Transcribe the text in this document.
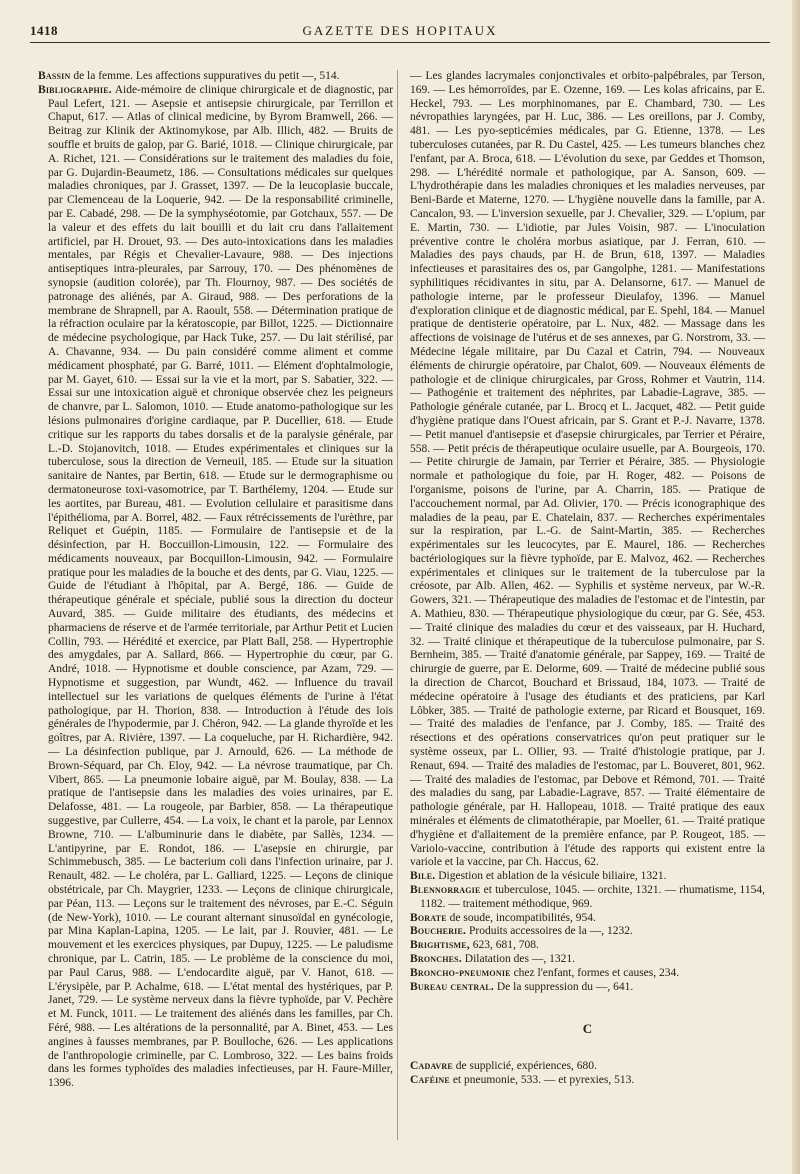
1418	GAZETTE DES HOPITAUX

Bassin de la femme. Les affections suppuratives du petit —, 514.

Bibliographie. Aide-mémoire de clinique chirurgicale et de diagnostic, par Paul Lefert, 121. — Asepsie et antisepsie chirurgicale, par Terrillon et Chaput, 617. — Atlas of clinical medicine, by Byrom Bramwell, 266. — Beitrag zur Klinik der Aktinomykose, par Alb. Illich, 482. — Bruits de souffle et bruits de galop, par G. Barié, 1018. — Clinique chirurgicale, par A. Richet, 121. — Considérations sur le traitement des maladies du foie, par G. Dujardin-Beaumetz, 186. — Consultations médicales sur quelques maladies chroniques, par J. Grasset, 1397. — De la leucoplasie buccale, par Clemenceau de la Loquerie, 942. — De la responsabilité criminelle, par E. Cabadé, 298. — De la symphyséotomie, par Gotchaux, 557. — De la valeur et des effets du lait bouilli et du lait cru dans l'allaitement artificiel, par H. Drouet, 93. — Des auto-intoxications dans les maladies mentales, par Régis et Chevalier-Lavaure, 988. — Des injections antiseptiques intra-pleurales, par Sarrouy, 170. — Des phénomènes de synopsie (audition colorée), par Th. Flournoy, 987. — Des sociétés de patronage des aliénés, par A. Giraud, 988. — Des perforations de la membrane de Shrapnell, par A. Raoult, 558. — Détermination pratique de la réfraction oculaire par la kératoscopie, par Billot, 1225. — Dictionnaire de médecine psychologique, par Hack Tuke, 257. — Du lait stérilisé, par A. Chavanne, 934. — Du pain considéré comme aliment et comme médicament phosphaté, par G. Barré, 1011. — Elément d'ophtalmologie, par M. Gayet, 610. — Essai sur la vie et la mort, par S. Sabatier, 322. — Essai sur une intoxication aiguë et chronique observée chez les peigneurs de chanvre, par L. Salomon, 1010. — Etude anatomo-pathologique sur les lésions pulmonaires d'origine cardiaque, par P. Ducellier, 618. — Etude critique sur les rapports du tabes dorsalis et de la paralysie générale, par L.-D. Stojanovitch, 1018. — Etudes expérimentales et cliniques sur la tuberculose, sous la direction de Verneuil, 185. — Etude sur la situation sanitaire de Nantes, par Bertin, 618. — Etude sur le dermographisme ou dermatoneurose toxi-vasomotrice, par T. Barthélemy, 1204. — Etude sur les aortites, par Bureau, 481. — Evolution cellulaire et parasitisme dans l'épithélioma, par A. Borrel, 482. — Faux rétrécissements de l'urèthre, par Reliquet et Guépin, 1185. — Formulaire de l'antisepsie et de la désinfection, par H. Boccuillon-Limousin, 122. — Formulaire des médicaments nouveaux, par Bocquillon-Limousin, 942. — Formulaire pratique pour les maladies de la bouche et des dents, par G. Viau, 1225. — Guide de l'étudiant à l'hôpital, par A. Bergé, 186. — Guide de thérapeutique générale et spéciale, publié sous la direction du docteur Auvard, 385. — Guide militaire des étudiants, des médecins et pharmaciens de réserve et de l'armée territoriale, par Arthur Petit et Lucien Collin, 793. — Hérédité et exercice, par Platt Ball, 258. — Hypertrophie des amygdales, par A. Sallard, 866. — Hypertrophie du cœur, par G. André, 1018. — Hypnotisme et double conscience, par Azam, 729. — Hypnotisme et suggestion, par Wundt, 462. — Influence du travail intellectuel sur les variations de quelques éléments de l'urine à l'état pathologique, par H. Thorion, 838. — Introduction à l'étude des lois générales de l'hypodermie, par J. Chéron, 942. — La glande thyroïde et les goîtres, par A. Rivière, 1397. — La coqueluche, par H. Richardière, 942. — La désinfection publique, par J. Arnould, 626. — La méthode de Brown-Séquard, par Ch. Eloy, 942. — La névrose traumatique, par Ch. Vibert, 865. — La pneumonie lobaire aiguë, par M. Boulay, 838. — La pratique de l'antisepsie dans les maladies des voies urinaires, par E. Delafosse, 481. — La rougeole, par Barbier, 858. — La thérapeutique suggestive, par Cullerre, 454. — La voix, le chant et la parole, par Lennox Browne, 710. — L'albuminurie dans le diabète, par Sallès, 1234. — L'antipyrine, par E. Rondot, 186. — L'asepsie en chirurgie, par Schimmebusch, 385. — Le bacterium coli dans l'infection urinaire, par J. Renault, 482. — Le choléra, par L. Galliard, 1225. — Leçons de clinique obstétricale, par Ch. Maygrier, 1233. — Leçons de clinique chirurgicale, par Péan, 113. — Leçons sur le traitement des névroses, par E.-C. Séguin (de New-York), 1010. — Le courant alternant sinusoïdal en gynécologie, par Mina Kaplan-Lapina, 1205. — Le lait, par J. Rouvier, 481. — Le mouvement et les exercices physiques, par Dupuy, 1225. — Le paludisme chronique, par L. Catrin, 185. — Le problème de la conscience du moi, par Paul Carus, 988. — L'endocardite aiguë, par V. Hanot, 618. — L'érysipèle, par P. Achalme, 618. — L'état mental des hystériques, par P. Janet, 729. — Le système nerveux dans la fièvre typhoïde, par V. Pechère et M. Funck, 1011. — Le traitement des aliénés dans les familles, par Ch. Féré, 988. — Les altérations de la personnalité, par A. Binet, 453. — Les angines à fausses membranes, par P. Boulloche, 626. — Les applications de l'anthropologie criminelle, par C. Lombroso, 322. — Les bains froids dans les formes typhoïdes des maladies infectieuses, par H. Faure-Miller, 1396.

— Les glandes lacrymales conjonctivales et orbito-palpébrales, par Terson, 169. — Les hémorroïdes, par E. Ozenne, 169. — Les kolas africains, par E. Heckel, 793. — Les morphinomanes, par E. Chambard, 730. — Les névropathies laryngées, par H. Luc, 386. — Les oreillons, par J. Comby, 481. — Les pyo-septicémies médicales, par G. Etienne, 1378. — Les tuberculoses cutanées, par R. Du Castel, 425. — Les tumeurs blanches chez l'enfant, par A. Broca, 618. — L'évolution du sexe, par Geddes et Thomson, 298. — L'hérédité normale et pathologique, par A. Sanson, 609. — L'hydrothérapie dans les maladies chroniques et les maladies nerveuses, par Beni-Barde et Materne, 1270. — L'hygiène nouvelle dans la famille, par A. Cancalon, 93. — L'inversion sexuelle, par J. Chevalier, 329. — L'opium, par E. Martin, 730. — L'idiotie, par Jules Voisin, 987. — L'inoculation préventive contre le choléra morbus asiatique, par J. Ferran, 610. — Maladies des pays chauds, par H. de Brun, 618, 1397. — Maladies infectieuses et parasitaires des os, par Gangolphe, 1281. — Manifestations syphilitiques récidivantes in situ, par A. Delansorne, 617. — Manuel de pathologie interne, par le professeur Dieulafoy, 1396. — Manuel d'exploration clinique et de diagnostic médical, par E. Spehl, 184. — Manuel pratique de dentisterie opératoire, par L. Nux, 482. — Massage dans les affections de voisinage de l'utérus et de ses annexes, par G. Norstrom, 33. — Médecine légale militaire, par Du Cazal et Catrin, 794. — Nouveaux éléments de chirurgie opératoire, par Chalot, 609. — Nouveaux éléments de pathologie et de clinique chirurgicales, par Gross, Rohmer et Vautrin, 114. — Pathogénie et traitement des néphrites, par Labadie-Lagrave, 385. — Pathologie générale cutanée, par L. Brocq et L. Jacquet, 482. — Petit guide d'hygiène pratique dans l'Ouest africain, par S. Grant et P.-J. Navarre, 1378. — Petit manuel d'antisepsie et d'asepsie chirurgicales, par Terrier et Péraire, 558. — Petit précis de thérapeutique oculaire usuelle, par A. Bourgeois, 170. — Petite chirurgie de Jamain, par Terrier et Péraire, 385. — Physiologie normale et pathologique du foie, par H. Roger, 482. — Poisons de l'organisme, poisons de l'urine, par A. Charrin, 185. — Pratique de l'accouchement normal, par Ad. Olivier, 170. — Précis iconographique des maladies de la peau, par E. Chatelain, 837. — Recherches expérimentales sur la respiration, par L.-G. de Saint-Martin, 385. — Recherches expérimentales sur les leucocytes, par E. Maurel, 186. — Recherches bactériologiques sur la fièvre typhoïde, par E. Malvoz, 462. — Recherches expérimentales et cliniques sur le traitement de la tuberculose par la créosote, par Alb. Allen, 462. — Syphilis et système nerveux, par W.-R. Gowers, 321. — Thérapeutique des maladies de l'estomac et de l'intestin, par A. Mathieu, 830. — Thérapeutique physiologique du cœur, par G. Sée, 453. — Traité clinique des maladies du cœur et des vaisseaux, par H. Huchard, 32. — Traité clinique et thérapeutique de la tuberculose pulmonaire, par S. Bernheim, 385. — Traité d'anatomie générale, par Sappey, 169. — Traité de chirurgie de guerre, par E. Delorme, 609. — Traité de médecine publié sous la direction de Charcot, Bouchard et Brissaud, 184, 1073. — Traité de médecine opératoire à l'usage des étudiants et des praticiens, par Karl Lôbker, 385. — Traité de pathologie externe, par Ricard et Bousquet, 169. — Traité des maladies de l'enfance, par J. Comby, 185. — Traité des résections et des opérations conservatrices qu'on peut pratiquer sur le système osseux, par L. Ollier, 93. — Traité d'histologie pratique, par J. Renaut, 694. — Traité des maladies de l'estomac, par L. Bouveret, 801, 962. — Traité des maladies de l'estomac, par Debove et Rémond, 701. — Traité des maladies du sang, par Labadie-Lagrave, 857. — Traité élémentaire de pathologie générale, par H. Hallopeau, 1018. — Traité pratique des eaux minérales et éléments de climatothérapie, par Moeller, 61. — Traité pratique d'hygiène et d'allaitement de la première enfance, par P. Rougeot, 185. — Variolo-vaccine, contribution à l'étude des rapports qui existent entre la variole et la vaccine, par Ch. Haccus, 62.

Bile. Digestion et ablation de la vésicule biliaire, 1321.

Blennorragie et tuberculose, 1045. — orchite, 1321. — rhumatisme, 1154, 1182. — traitement méthodique, 969.

Borate de soude, incompatibilités, 954.

Boucherie. Produits accessoires de la —, 1232.

Brightisme, 623, 681, 708.

Bronches. Dilatation des —, 1321.

Broncho-pneumonie chez l'enfant, formes et causes, 234.

Bureau central. De la suppression du —, 641.

C

Cadavre de supplicié, expériences, 680.

Caféine et pneumonie, 533. — et pyrexies, 513.
